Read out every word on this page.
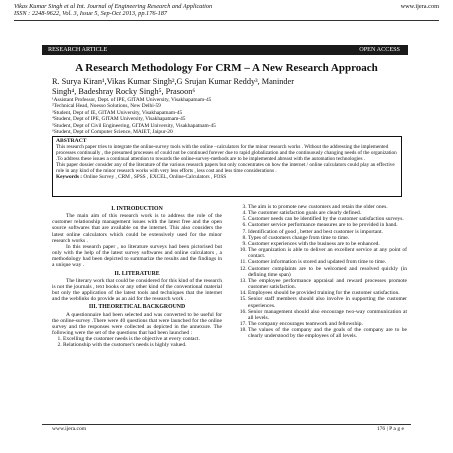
Vikas Kumar Singh et al Int. Journal of Engineering Research and Application
ISSN : 2248-9622, Vol. 3, Issue 5, Sep-Oct 2013, pp.176-187
www.ijera.com
RESEARCH ARTICLE	OPEN ACCESS
A Research Methodology For CRM – A New Research Approach
R. Surya Kiran¹,Vikas Kumar Singh²,G Srujan Kumar Reddy³, Maninder
Singh⁴, Badeshray Rocky Singh⁵, Prasoon⁶
¹Assistant Professor, Dept. of IPE, GITAM University, Visakhapatnam-45
²Technical Head, Noesso Solutions, New Delhi-59
³Student, Dept of IE, GITAM University, Visakhapatnam-45
⁴Student, Dept of IPE, GITAM University, Visakhapatnam-45
⁵Student, Dept of Civil Engineering, GITAM University, Visakhapatnam-45
⁶Student, Dept of Computer Science, MAIET, Jaipur-20
ABSTRACT
This research paper tries to integrate the online-survey tools with the online –calculators for the minor research works . Without the addressing the implemented processes continually , the presumed processes of could not be continued forever due to rapid globalization and the continuously changing needs of the organization .To address these issues a continual attention to towards the online-survey-methods are to be implemented abreast with the automation technologies .
This paper dossier consider any of the literature of the various research papers but only concentrates on how the internet / online calculators could play an effective role in any kind of the minor research works with very less efforts , less cost and less time considerations .
Keywords : Online Survey , CRM , SPSS , EXCEL, Online-Calculators , FOSS
I. INTRODUCTION

The main aim of this research work is to address the role of the customer relationship management issues with the latest free and the open source softwares that are available on the internet. This also considers the latest online calculators which could be extensively used for the minor research works .

In this research paper , no literature surveys had been pictorised but only with the help of the latest survey softwares and online calculators , a methodology had been depicted to summarize the results and the findings in a unique way .

II. LITERATURE

The literary work that could be considered for this kind of the research is not the journals , text books or any other kind of the conventional material but only the application of the latest tools and techniques that the internet and the weblinks do provide as an aid for the research work .

III. THEORETICAL BACKGROUND

A questionnaire had been selected and was converted to be useful for the online-survey .There were 40 questions that were launched for the online survey and the responses were collected as depicted in the annexure. The following were the set of the questions that had been launched :

1. Excelling the customer needs is the objective at every contact.
2. Relationship with the customer's needs is highly valued.
3. The aim is to promote new customers and retain the older ones.
4. The customer satisfaction goals are clearly defined.
5. Customer needs can be identified by the customer satisfaction surveys.
6. Customer service performance measures are to be provided in hand.
7. Identification of good , better and best customer is important.
8. Types of customers change from time to time.
9. Customer experiences with the business are to be enhanced.
10. The organization is able to deliver an excellent service at any point of contact.
11. Customer information is stored and updated from time to time.
12. Customer complaints are to be welcomed and resolved quickly (in defining time span)
13. The employee performance appraisal and reward processes promote customer satisfaction.
14. Employees should be provided training for the customer satisfaction.
15. Senior staff members should also involve in supporting the customer experiences.
16. Senior management should also encourage two-way communication at all levels.
17. The company encourages teamwork and fellowship.
18. The values of the company and the goals of the company are to be clearly understood by the employees of all levels.
www.ijera.com	176 | P a g e
